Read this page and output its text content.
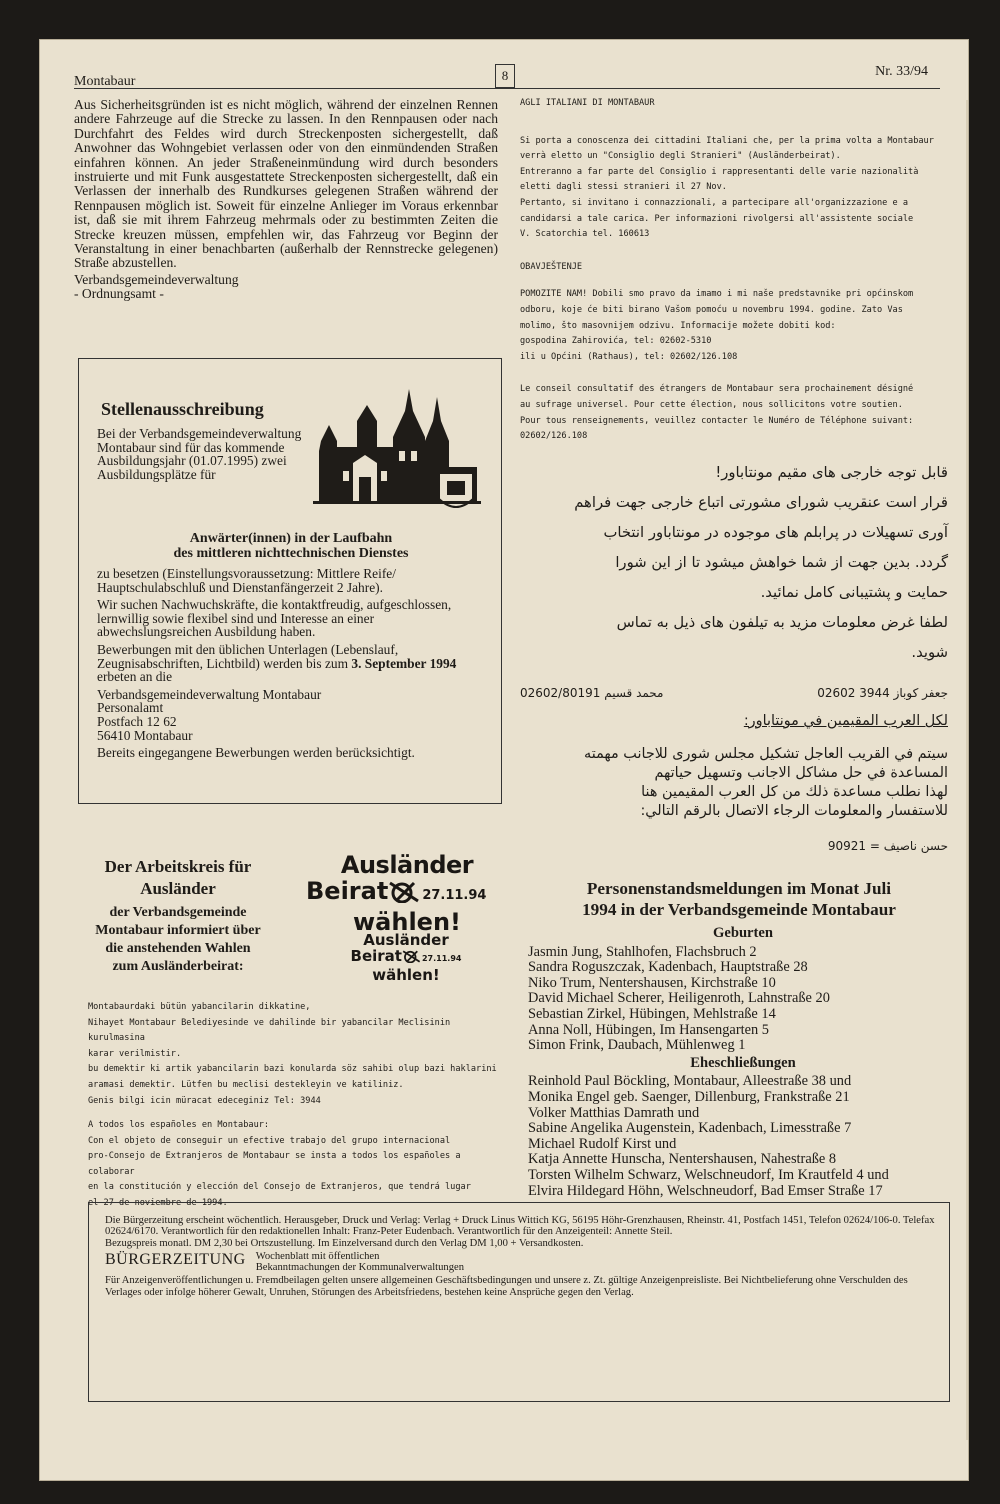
Montabaur	8	Nr. 33/94

Aus Sicherheitsgründen ist es nicht möglich, während der einzelnen Rennen andere Fahrzeuge auf die Strecke zu lassen. In den Rennpausen oder nach Durchfahrt des Feldes wird durch Streckenposten sichergestellt, daß Anwohner das Wohngebiet verlassen oder von den einmündenden Straßen einfahren können. An jeder Straßeneinmündung wird durch besonders instruierte und mit Funk ausgestattete Streckenposten sichergestellt, daß ein Verlassen der innerhalb des Rundkurses gelegenen Straßen während der Rennpausen möglich ist. Soweit für einzelne Anlieger im Voraus erkennbar ist, daß sie mit ihrem Fahrzeug mehrmals oder zu bestimmten Zeiten die Strecke kreuzen müssen, empfehlen wir, das Fahrzeug vor Beginn der Veranstaltung in einer benachbarten (außerhalb der Rennstrecke gelegenen) Straße abzustellen.

Verbandsgemeindeverwaltung

- Ordnungsamt -

Stellenausschreibung
Bei der Verbandsgemeindeverwaltung Montabaur sind für das kommende Ausbildungsjahr (01.07.1995) zwei Ausbildungsplätze für
Anwärter(innen) in der Laufbahn
des mittleren nichttechnischen Dienstes

zu besetzen (Einstellungsvoraussetzung: Mittlere Reife/ Hauptschulabschluß und Dienstanfängerzeit 2 Jahre).

Wir suchen Nachwuchskräfte, die kontaktfreudig, aufgeschlossen, lernwillig sowie flexibel sind und Interesse an einer abwechslungsreichen Ausbildung haben.

Bewerbungen mit den üblichen Unterlagen (Lebenslauf, Zeugnisabschriften, Lichtbild) werden bis zum 3. September 1994 erbeten an die

Verbandsgemeindeverwaltung Montabaur
Personalamt
Postfach 12 62
56410 Montabaur

Bereits eingegangene Bewerbungen werden berücksichtigt.

Der Arbeitskreis für
Ausländer
der Verbandsgemeinde
Montabaur informiert über
die anstehenden Wahlen
zum Ausländerbeirat:
Ausländer
Beirat	27.11.94
wählen!
Ausländer
Beirat	27.11.94
wählen!

Montabaurdaki bütün yabancilarin dikkatine,

Nihayet Montabaur Belediyesinde ve dahilinde bir yabancilar Meclisinin kurulmasina

karar verilmistir.

bu demektir ki artik yabancilarin bazi konularda söz sahibi olup bazi haklarini

aramasi demektir. Lütfen bu meclisi destekleyin ve katiliniz.

Genis bilgi icin müracat edeceginiz Tel: 3944

A todos los españoles en Montabaur:

Con el objeto de conseguir un efective trabajo del grupo internacional

pro-Consejo de Extranjeros de Montabaur se insta a todos los españoles a colaborar

en la constitución y elección del Consejo de Extranjeros, que tendrá lugar

el 27 de noviembre de 1994.

AGLI ITALIANI DI MONTABAUR

Si porta a conoscenza dei cittadini Italiani che, per la prima volta a Montabaur

verrà eletto un "Consiglio degli Stranieri" (Ausländerbeirat).

Entreranno a far parte del Consiglio i rappresentanti delle varie nazionalità

eletti dagli stessi stranieri il 27 Nov.

Pertanto, si invitano i connazzionali, a partecipare all'organizzazione e a

candidarsi a tale carica. Per informazioni rivolgersi all'assistente sociale

V. Scatorchia tel. 160613

OBAVJEŠTENJE

POMOZITE NAM! Dobili smo pravo da imamo i mi naše predstavnike pri općinskom

odboru, koje će biti birano Vašom pomoću u novembru 1994. godine. Zato Vas

molimo, što masovnijem odzivu. Informacije možete dobiti kod:

gospodina Zahirovića, tel: 02602-5310

ili u Općini (Rathaus), tel: 02602/126.108

Le conseil consultatif des étrangers de Montabaur sera prochainement désigné

au sufrage universel. Pour cette élection, nous sollicitons votre soutien.

Pour tous renseignements, veuillez contacter le Numéro de Téléphone suivant:

02602/126.108

قابل توجه خارجی های مقیم مونتاباور!

قرار است عنقریب شورای مشورتی اتباع خارجی جهت فراهم

آوری تسهیلات در پرابلم های موجوده در مونتاباور انتخاب

گردد. بدین جهت از شما خواهش میشود تا از این شورا

حمایت و پشتیبانی کامل نمائید.

لطفا غرض معلومات مزید به تیلفون های ذیل به تماس

شوید.

محمد قسیم 02602/80191	جعفر کوباز 3944 02602

لكل العرب المقيمين في مونتاباور:

سيتم في القريب العاجل تشكيل مجلس شورى للاجانب مهمته

المساعدة في حل مشاكل الاجانب وتسهيل حياتهم

لهذا نطلب مساعدة ذلك من كل العرب المقيمين هنا

للاستفسار والمعلومات الرجاء الاتصال بالرقم التالي:

حسن ناصيف = 90921

Personenstandsmeldungen im Monat Juli
1994 in der Verbandsgemeinde Montabaur
Geburten
Jasmin Jung, Stahlhofen, Flachsbruch 2
Sandra Roguszczak, Kadenbach, Hauptstraße 28
Niko Trum, Nentershausen, Kirchstraße 10
David Michael Scherer, Heiligenroth, Lahnstraße 20
Sebastian Zirkel, Hübingen, Mehlstraße 14
Anna Noll, Hübingen, Im Hansengarten 5
Simon Frink, Daubach, Mühlenweg 1
Eheschließungen
Reinhold Paul Böckling, Montabaur, Alleestraße 38 und
Monika Engel geb. Saenger, Dillenburg, Frankstraße 21
Volker Matthias Damrath und
Sabine Angelika Augenstein, Kadenbach, Limesstraße 7
Michael Rudolf Kirst und
Katja Annette Hunscha, Nentershausen, Nahestraße 8
Torsten Wilhelm Schwarz, Welschneudorf, Im Krautfeld 4 und
Elvira Hildegard Höhn, Welschneudorf, Bad Emser Straße 17

Die Bürgerzeitung erscheint wöchentlich. Herausgeber, Druck und Verlag: Verlag + Druck Linus Wittich KG, 56195 Höhr-Grenzhausen, Rheinstr. 41, Postfach 1451, Telefon 02624/106-0. Telefax 02624/6170. Verantwortlich für den redaktionellen Inhalt: Franz-Peter Eudenbach. Verantwortlich für den Anzeigenteil: Annette Steil.

Bezugspreis monatl. DM 2,30 bei Ortszustellung. Im Einzelversand durch den Verlag DM 1,00 + Versandkosten.

BÜRGERZEITUNG Wochenblatt mit öffentlichen
Bekanntmachungen der Kommunalverwaltungen

Für Anzeigenveröffentlichungen u. Fremdbeilagen gelten unsere allgemeinen Geschäftsbedingungen und unsere z. Zt. gültige Anzeigenpreisliste. Bei Nichtbelieferung ohne Verschulden des Verlages oder infolge höherer Gewalt, Unruhen, Störungen des Arbeitsfriedens, bestehen keine Ansprüche gegen den Verlag.
